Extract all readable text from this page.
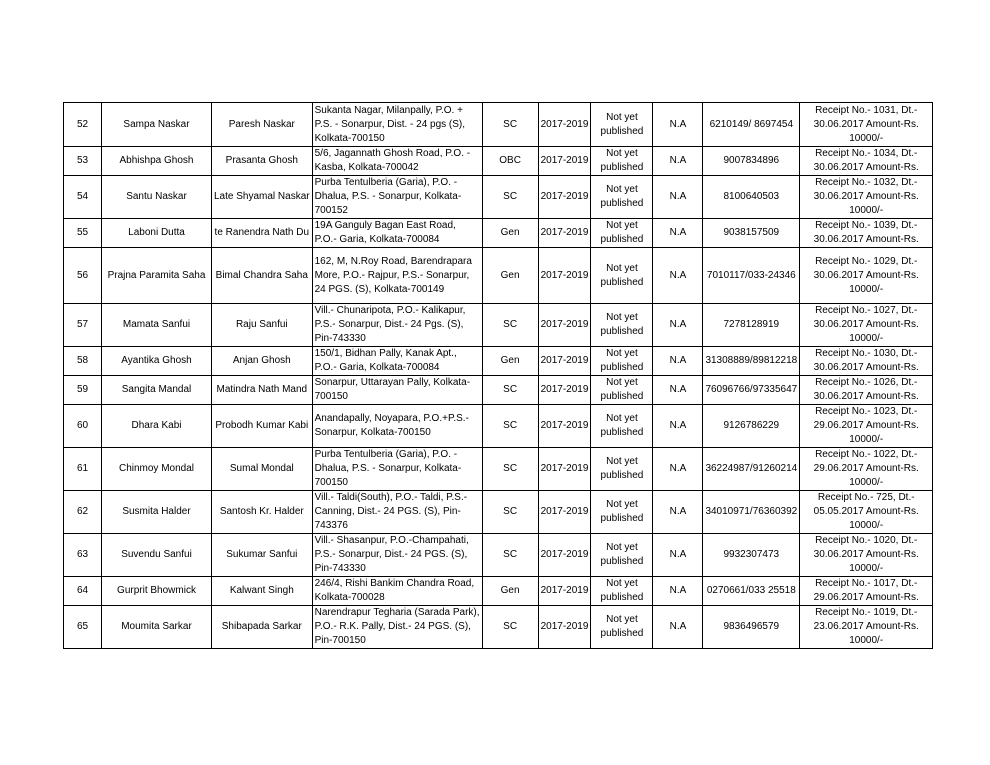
52	Sampa Naskar	Paresh Naskar	Sukanta Nagar, Milanpally, P.O. + P.S. - Sonarpur, Dist. - 24 pgs (S), Kolkata-700150	SC	2017-2019	Not yet published	N.A	6210149/ 8697454	Receipt No.- 1031, Dt.- 30.06.2017 Amount-Rs. 10000/-
53	Abhishpa Ghosh	Prasanta Ghosh	5/6, Jagannath Ghosh Road, P.O. - Kasba, Kolkata-700042	OBC	2017-2019	Not yet published	N.A	9007834896	Receipt No.- 1034, Dt.- 30.06.2017 Amount-Rs.
54	Santu Naskar	Late Shyamal Naskar	Purba Tentulberia (Garia), P.O. - Dhalua, P.S. - Sonarpur, Kolkata-700152	SC	2017-2019	Not yet published	N.A	8100640503	Receipt No.- 1032, Dt.- 30.06.2017 Amount-Rs. 10000/-
55	Laboni Dutta	te Ranendra Nath Du	19A Ganguly Bagan East Road, P.O.- Garia, Kolkata-700084	Gen	2017-2019	Not yet published	N.A	9038157509	Receipt No.- 1039, Dt.- 30.06.2017 Amount-Rs.
56	Prajna Paramita Saha	Bimal Chandra Saha	162, M, N.Roy Road, Barendrapara More, P.O.- Rajpur, P.S.- Sonarpur, 24 PGS. (S), Kolkata-700149	Gen	2017-2019	Not yet published	N.A	7010117/033-24346	Receipt No.- 1029, Dt.- 30.06.2017 Amount-Rs. 10000/-
57	Mamata Sanfui	Raju Sanfui	Vill.- Chunaripota, P.O.- Kalikapur, P.S.- Sonarpur, Dist.- 24 Pgs. (S), Pin-743330	SC	2017-2019	Not yet published	N.A	7278128919	Receipt No.- 1027, Dt.- 30.06.2017 Amount-Rs. 10000/-
58	Ayantika Ghosh	Anjan Ghosh	150/1, Bidhan Pally, Kanak Apt., P.O.- Garia, Kolkata-700084	Gen	2017-2019	Not yet published	N.A	31308889/89812218	Receipt No.- 1030, Dt.- 30.06.2017 Amount-Rs.
59	Sangita Mandal	Matindra Nath Mand	Sonarpur, Uttarayan Pally, Kolkata-700150	SC	2017-2019	Not yet published	N.A	76096766/97335647	Receipt No.- 1026, Dt.- 30.06.2017 Amount-Rs.
60	Dhara Kabi	Probodh Kumar Kabi	Anandapally, Noyapara, P.O.+P.S.- Sonarpur, Kolkata-700150	SC	2017-2019	Not yet published	N.A	9126786229	Receipt No.- 1023, Dt.- 29.06.2017 Amount-Rs. 10000/-
61	Chinmoy Mondal	Sumal Mondal	Purba Tentulberia (Garia), P.O. - Dhalua, P.S. - Sonarpur, Kolkata-700150	SC	2017-2019	Not yet published	N.A	36224987/91260214	Receipt No.- 1022, Dt.- 29.06.2017 Amount-Rs. 10000/-
62	Susmita Halder	Santosh Kr. Halder	Vill.- Taldi(South), P.O.- Taldi, P.S.- Canning, Dist.- 24 PGS. (S), Pin-743376	SC	2017-2019	Not yet published	N.A	34010971/76360392	Receipt No.- 725, Dt.- 05.05.2017 Amount-Rs. 10000/-
63	Suvendu Sanfui	Sukumar Sanfui	Vill.- Shasanpur, P.O.-Champahati, P.S.- Sonarpur, Dist.- 24 PGS. (S), Pin-743330	SC	2017-2019	Not yet published	N.A	9932307473	Receipt No.- 1020, Dt.- 30.06.2017 Amount-Rs. 10000/-
64	Gurprit Bhowmick	Kalwant Singh	246/4, Rishi Bankim Chandra Road, Kolkata-700028	Gen	2017-2019	Not yet published	N.A	0270661/033 25518	Receipt No.- 1017, Dt.- 29.06.2017 Amount-Rs.
65	Moumita Sarkar	Shibapada Sarkar	Narendrapur Tegharia (Sarada Park), P.O.- R.K. Pally, Dist.- 24 PGS. (S), Pin-700150	SC	2017-2019	Not yet published	N.A	9836496579	Receipt No.- 1019, Dt.- 23.06.2017 Amount-Rs. 10000/-
